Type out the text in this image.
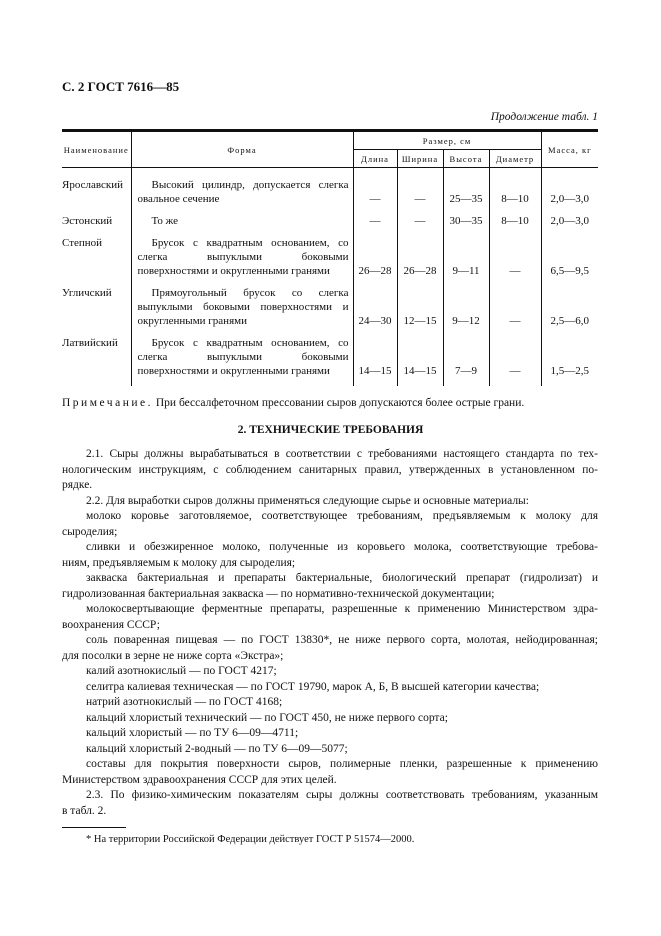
С. 2 ГОСТ 7616—85
Продолжение табл. 1
Наименование	Форма	Размер, см				Масса, кг
		Длина	Ширина	Высота	Диаметр	
Ярославский	Высокий цилиндр, допускается слегка овальное сечение	—	—	25—35	8—10	2,0—3,0
Эстонский	То же	—	—	30—35	8—10	2,0—3,0
Степной	Брусок с квадратным основанием, со слегка выпуклыми боковыми поверхностями и округленными гранями	26—28	26—28	9—11	—	6,5—9,5
Угличский	Прямоугольный брусок со слегка выпуклыми боковыми поверхностями и округленными гранями	24—30	12—15	9—12	—	2,5—6,0
Латвийский	Брусок с квадратным основанием, со слегка выпуклыми боковыми поверхностями и округленными гранями	14—15	14—15	7—9	—	1,5—2,5
Примечание. При бессалфеточном прессовании сыров допускаются более острые грани.
2. ТЕХНИЧЕСКИЕ ТРЕБОВАНИЯ
2.1. Сыры должны вырабатываться в соответствии с требованиями настоящего стандарта по тех-
нологическим инструкциям, с соблюдением санитарных правил, утвержденных в установленном по-
рядке.
2.2. Для выработки сыров должны применяться следующие сырье и основные материалы:
молоко коровье заготовляемое, соответствующее требованиям, предъявляемым к молоку для
сыроделия;
сливки и обезжиренное молоко, полученные из коровьего молока, соответствующие требова-
ниям, предъявляемым к молоку для сыроделия;
закваска бактериальная и препараты бактериальные, биологический препарат (гидролизат) и
гидролизованная бактериальная закваска — по нормативно-технической документации;
молокосвертывающие ферментные препараты, разрешенные к применению Министерством здра-
воохранения СССР;
соль поваренная пищевая — по ГОСТ 13830*, не ниже первого сорта, молотая, нейодированная;
для посолки в зерне не ниже сорта «Экстра»;
калий азотнокислый — по ГОСТ 4217;
селитра калиевая техническая — по ГОСТ 19790, марок А, Б, В высшей категории качества;
натрий азотнокислый — по ГОСТ 4168;
кальций хлористый технический — по ГОСТ 450, не ниже первого сорта;
кальций хлористый — по ТУ 6—09—4711;
кальций хлористый 2-водный — по ТУ 6—09—5077;
составы для покрытия поверхности сыров, полимерные пленки, разрешенные к применению
Министерством здравоохранения СССР для этих целей.
2.3. По физико-химическим показателям сыры должны соответствовать требованиям, указанным
в табл. 2.
* На территории Российской Федерации действует ГОСТ Р 51574—2000.
